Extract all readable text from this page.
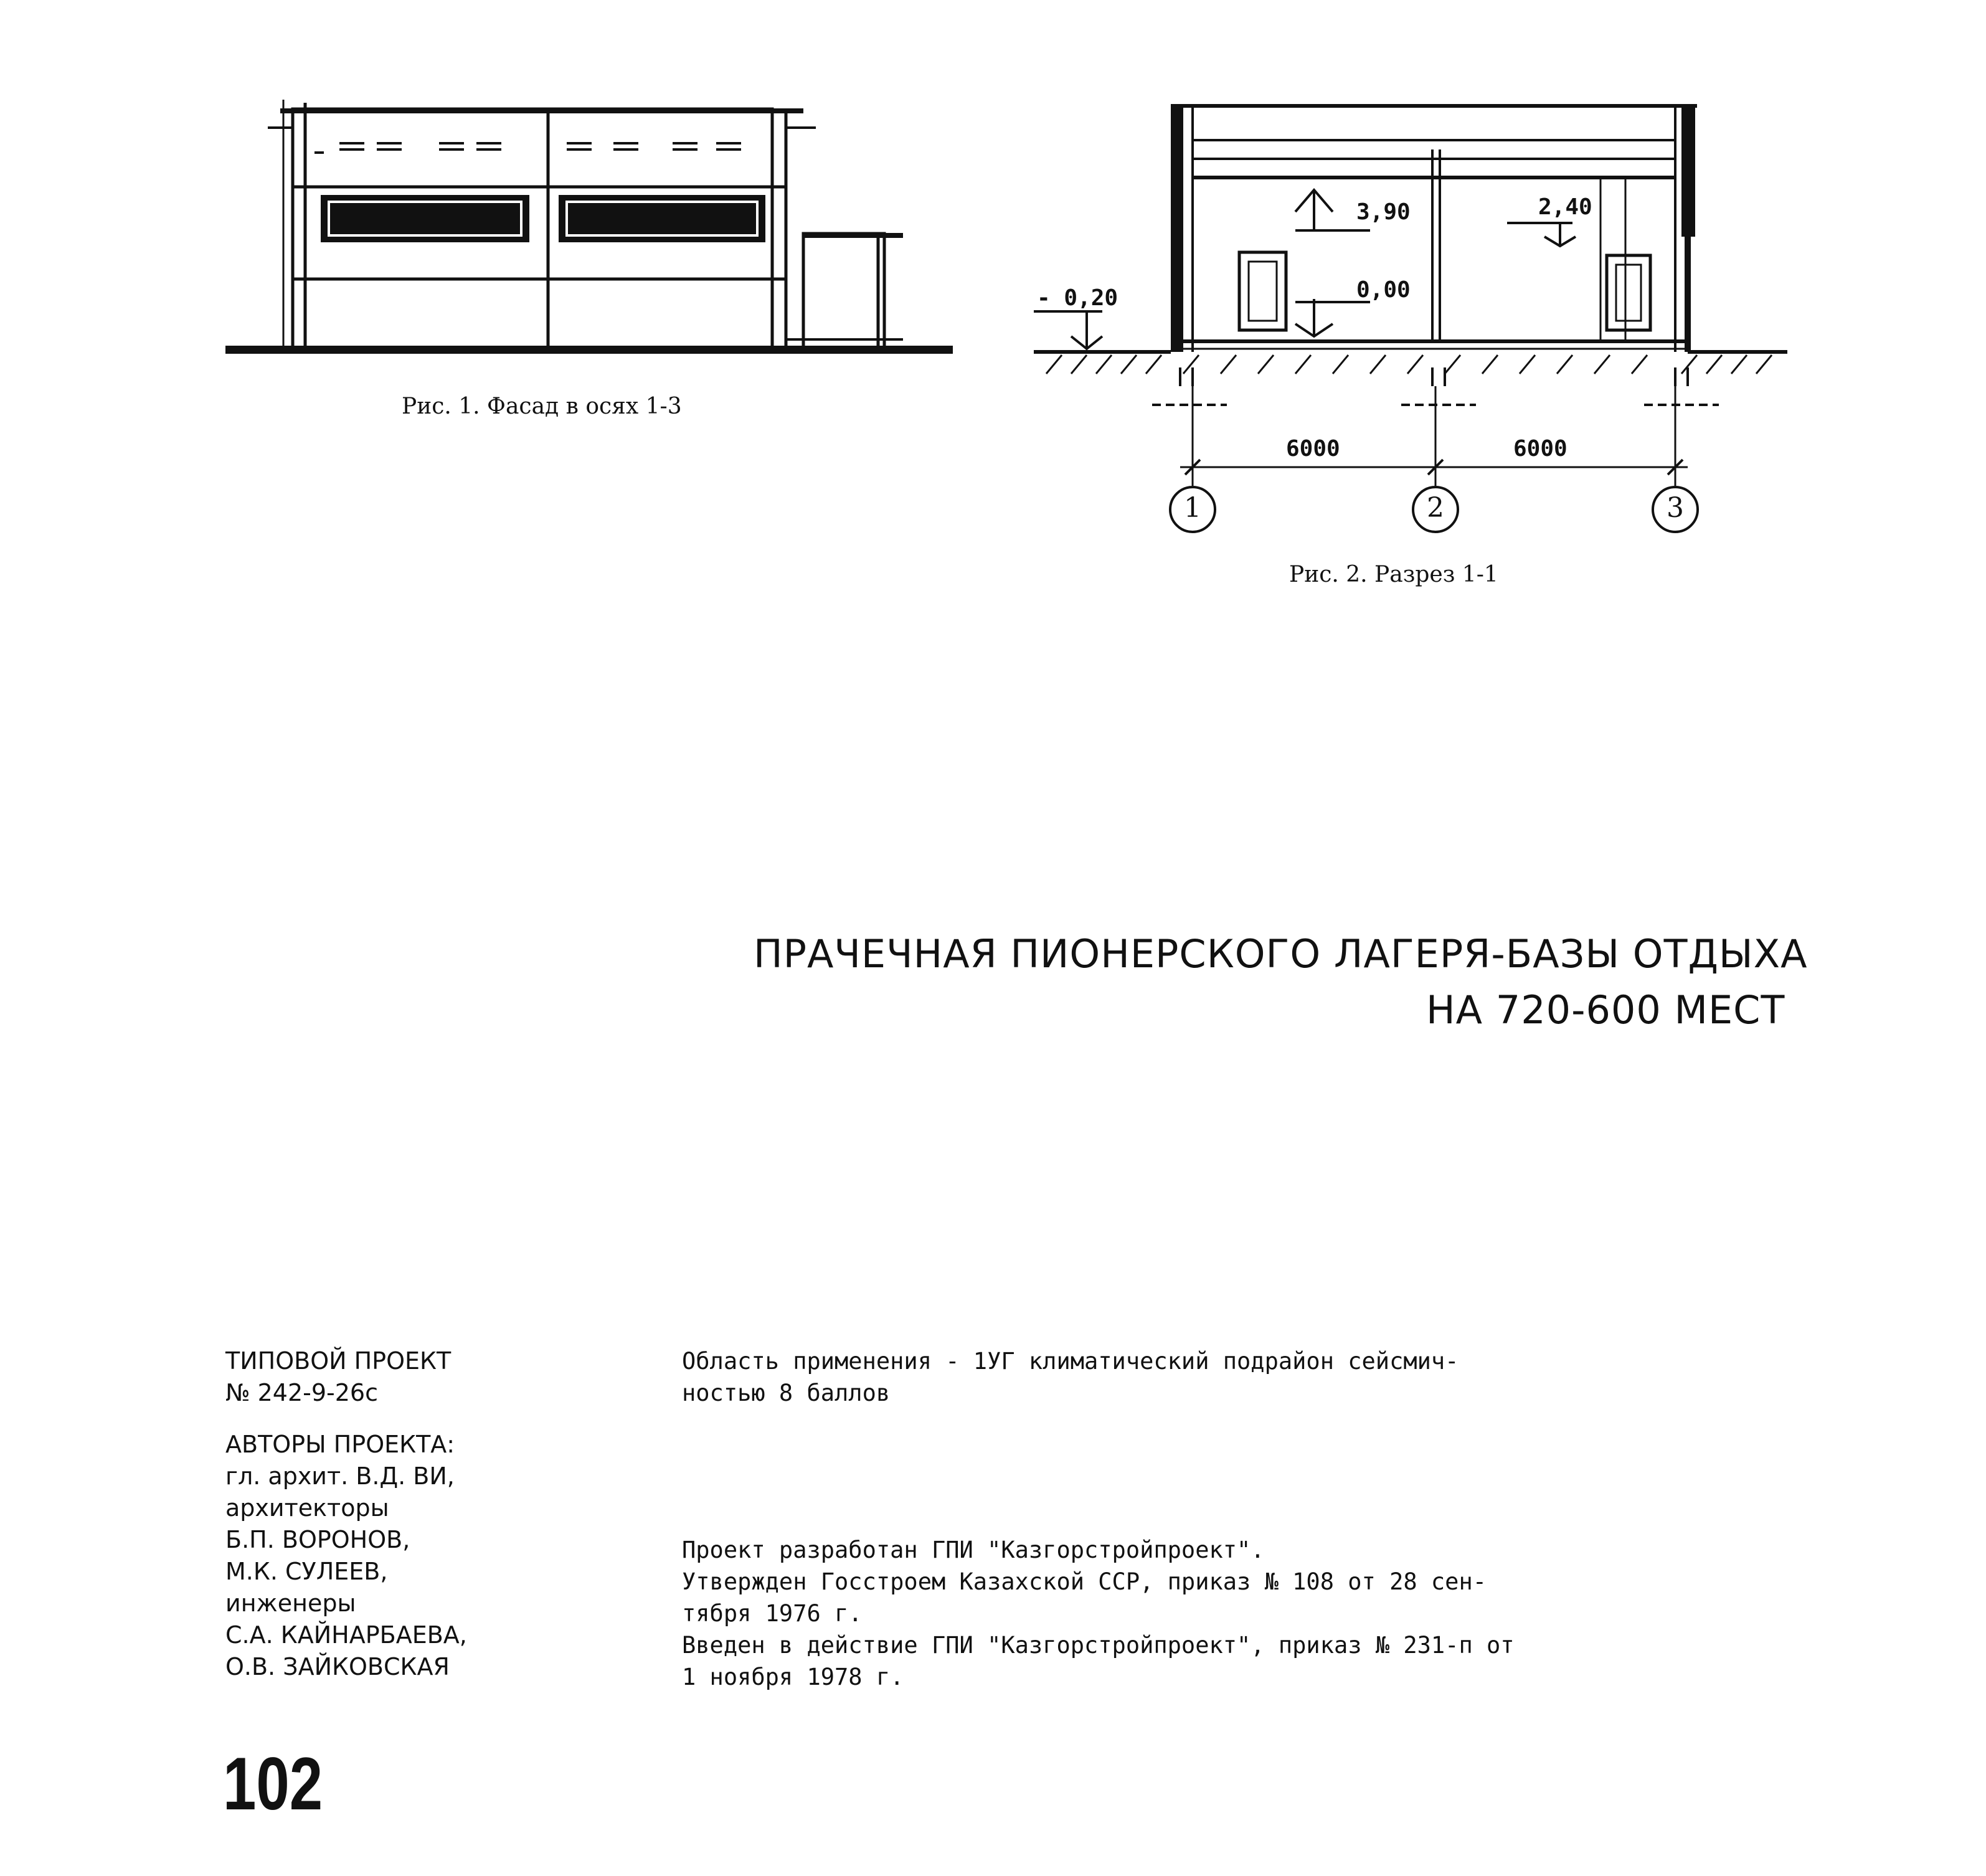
Рис. 1. Фасад в осях 1-3
3,90	2,40
0,00
- 0,20
6000	6000
1	2	3
Рис. 2. Разрез 1-1
ПРАЧЕЧНАЯ ПИОНЕРСКОГО ЛАГЕРЯ-БАЗЫ ОТДЫХА
НА 720-600 МЕСТ
ТИПОВОЙ ПРОЕКТ
№ 242-9-26с
АВТОРЫ ПРОЕКТА:
гл. архит. В.Д. ВИ,
архитекторы
Б.П. ВОРОНОВ,
М.К. СУЛЕЕВ,
инженеры
С.А. КАЙНАРБАЕВА,
О.В. ЗАЙКОВСКАЯ
Область применения - 1УГ климатический подрайон сейсмич-
ностью 8 баллов
Проект разработан ГПИ "Казгорстройпроект".
Утвержден Госстроем Казахской ССР, приказ № 108 от 28 сен-
тября 1976 г.
Введен в действие ГПИ "Казгорстройпроект", приказ № 231-п от
1 ноября 1978 г.
102
